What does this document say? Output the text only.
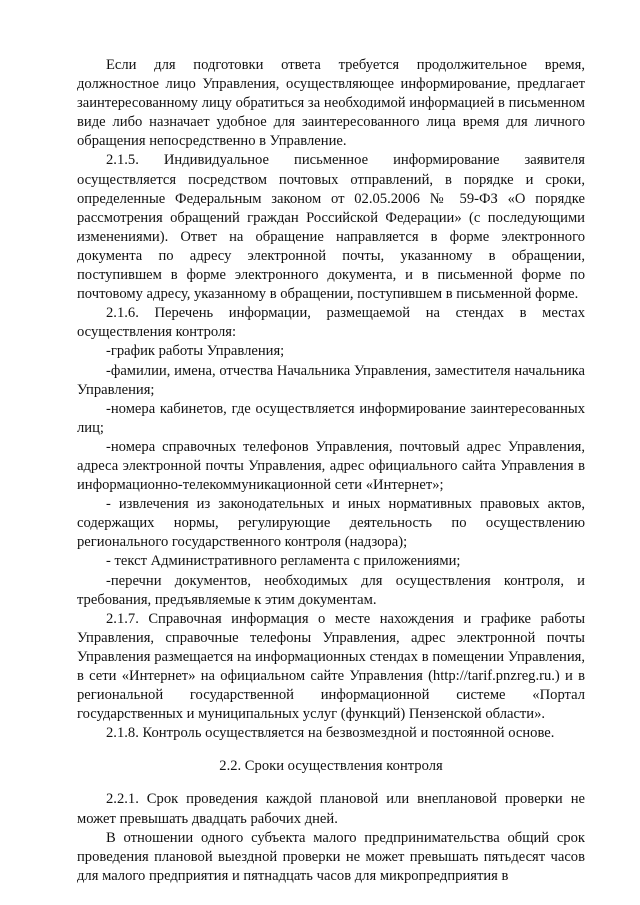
Если для подготовки ответа требуется продолжительное время, должностное лицо Управления, осуществляющее информирование, предлагает заинтересованному лицу обратиться за необходимой информацией в письменном виде либо назначает удобное для заинтересованного лица время для личного обращения непосредственно в Управление.

2.1.5. Индивидуальное письменное информирование заявителя осуществляется посредством почтовых отправлений, в порядке и сроки, определенные Федеральным законом от 02.05.2006 № 59-ФЗ «О порядке рассмотрения обращений граждан Российской Федерации» (с последующими изменениями). Ответ на обращение направляется в форме электронного документа по адресу электронной почты, указанному в обращении, поступившем в форме электронного документа, и в письменной форме по почтовому адресу, указанному в обращении, поступившем в письменной форме.

2.1.6. Перечень информации, размещаемой на стендах в местах осуществления контроля:

-график работы Управления;

-фамилии, имена, отчества Начальника Управления, заместителя начальника Управления;

-номера кабинетов, где осуществляется информирование заинтересованных лиц;

-номера справочных телефонов Управления, почтовый адрес Управления, адреса электронной почты Управления, адрес официального сайта Управления в информационно-телекоммуникационной сети «Интернет»;

- извлечения из законодательных и иных нормативных правовых актов, содержащих нормы, регулирующие деятельность по осуществлению регионального государственного контроля (надзора);

- текст Административного регламента с приложениями;

-перечни документов, необходимых для осуществления контроля, и требования, предъявляемые к этим документам.

2.1.7. Справочная информация о месте нахождения и графике работы Управления, справочные телефоны Управления, адрес электронной почты Управления размещается на информационных стендах в помещении Управления, в сети «Интернет» на официальном сайте Управления (http://tarif.pnzreg.ru.) и в региональной государственной информационной системе «Портал государственных и муниципальных услуг (функций) Пензенской области».

2.1.8. Контроль осуществляется на безвозмездной и постоянной основе.

2.2. Сроки осуществления контроля

2.2.1. Срок проведения каждой плановой или внеплановой проверки не может превышать двадцать рабочих дней.

В отношении одного субъекта малого предпринимательства общий срок проведения плановой выездной проверки не может превышать пятьдесят часов для малого предприятия и пятнадцать часов для микропредприятия в
